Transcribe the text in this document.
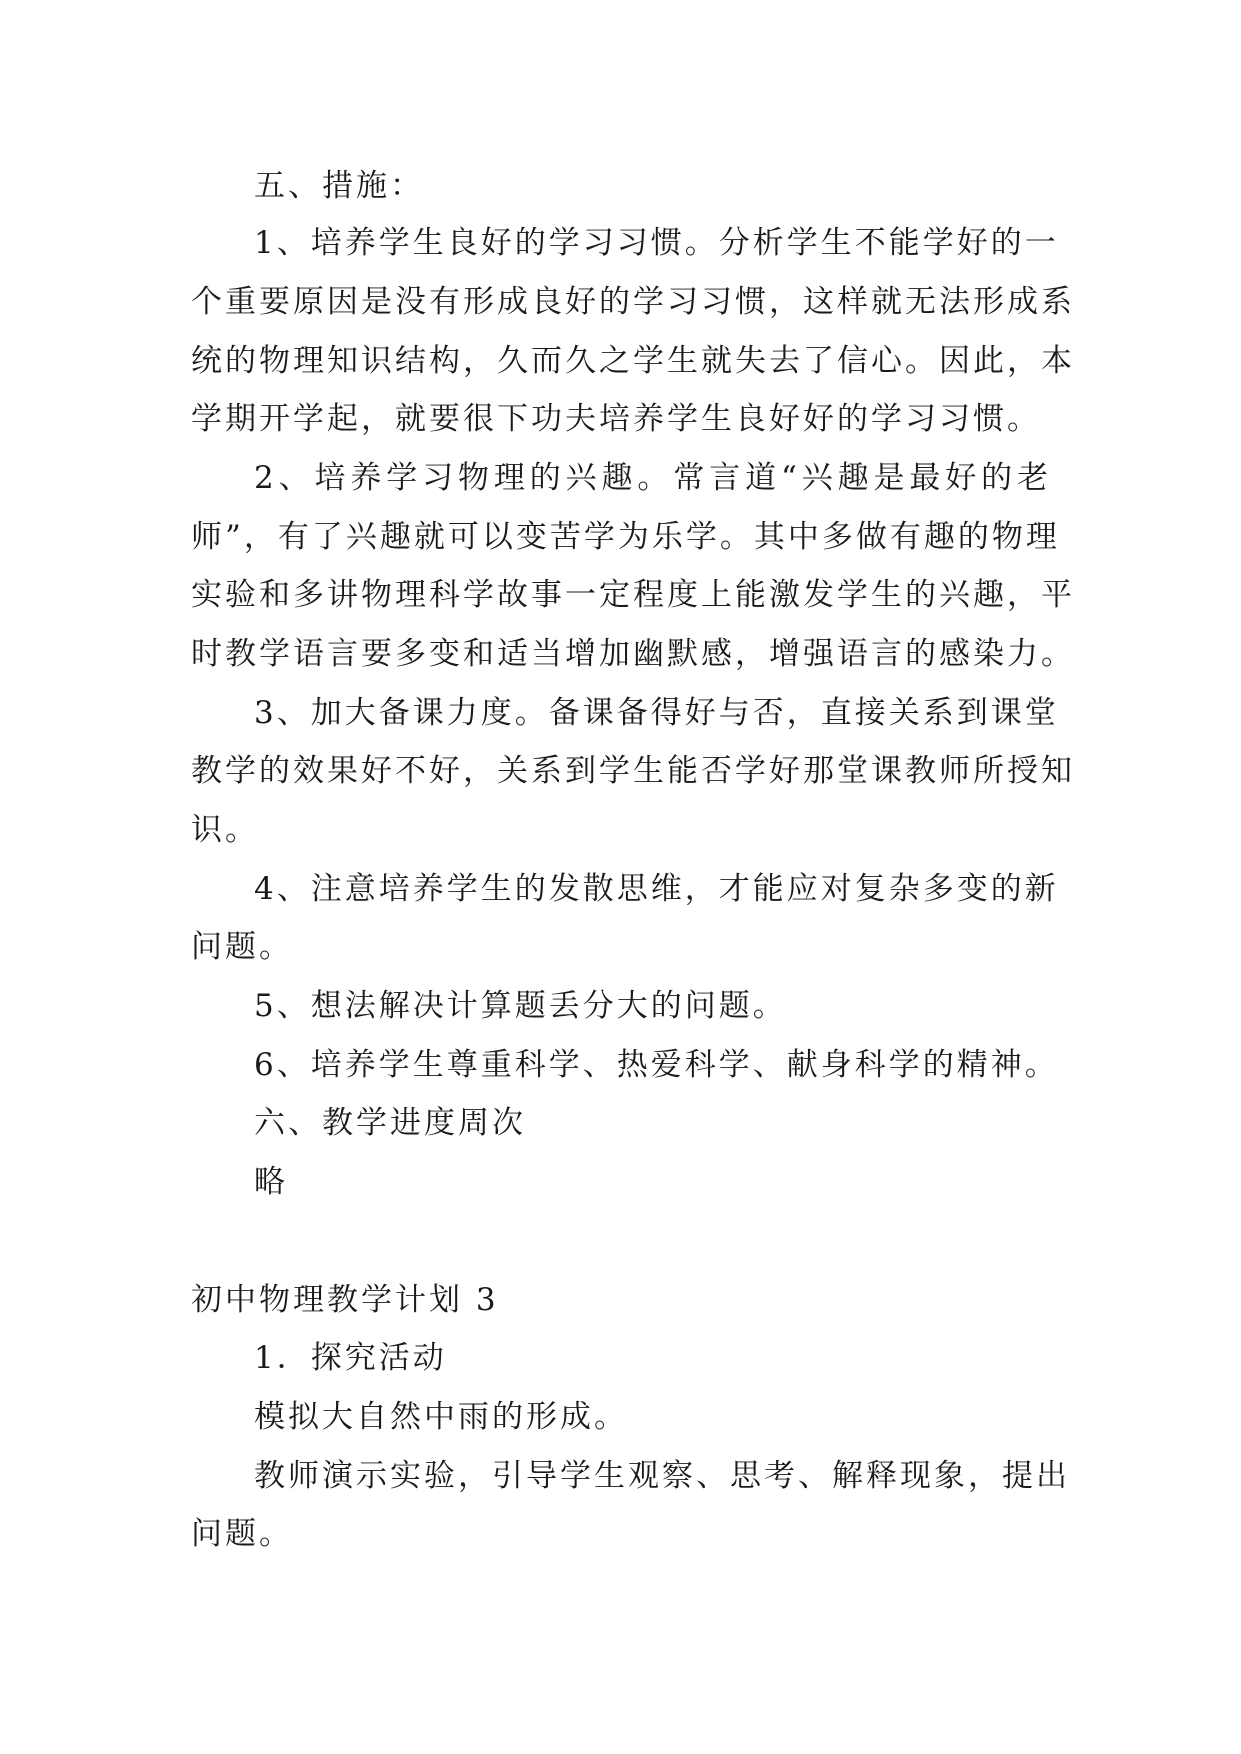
五、措施：
1、培养学生良好的学习习惯。分析学生不能学好的一
个重要原因是没有形成良好的学习习惯，这样就无法形成系
统的物理知识结构，久而久之学生就失去了信心。因此，本
学期开学起，就要很下功夫培养学生良好好的学习习惯。
2、培养学习物理的兴趣。常言道“兴趣是最好的老
师”，有了兴趣就可以变苦学为乐学。其中多做有趣的物理
实验和多讲物理科学故事一定程度上能激发学生的兴趣，平
时教学语言要多变和适当增加幽默感，增强语言的感染力。
3、加大备课力度。备课备得好与否，直接关系到课堂
教学的效果好不好，关系到学生能否学好那堂课教师所授知
识。
4、注意培养学生的发散思维，才能应对复杂多变的新
问题。
5、想法解决计算题丢分大的问题。
6、培养学生尊重科学、热爱科学、献身科学的精神。
六、教学进度周次
略
初中物理教学计划 3
1．探究活动
模拟大自然中雨的形成。
教师演示实验，引导学生观察、思考、解释现象，提出
问题。
